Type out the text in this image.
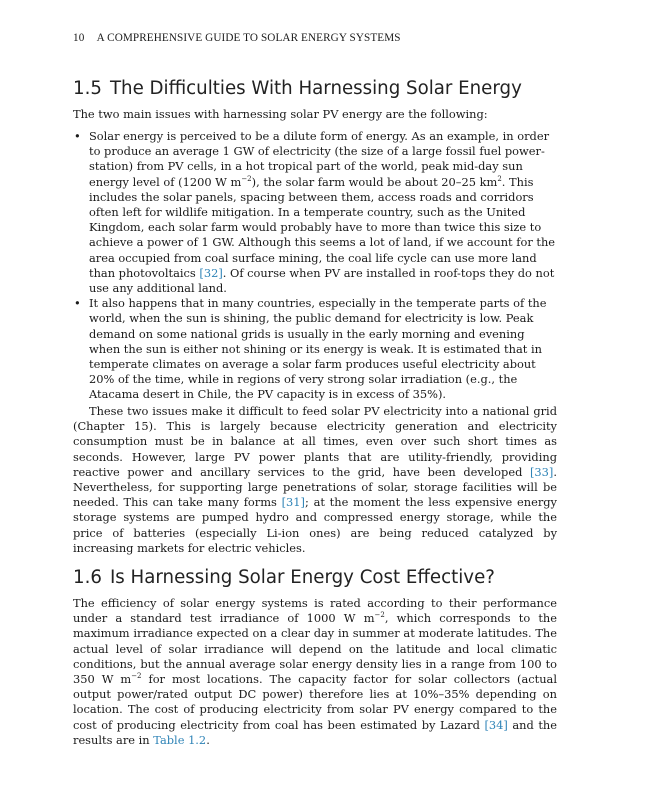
10 A COMPREHENSIVE GUIDE TO SOLAR ENERGY SYSTEMS
1.5 The Difficulties With Harnessing Solar Energy

The two main issues with harnessing solar PV energy are the following:

• Solar energy is perceived to be a dilute form of energy. As an example, in order to produce an average 1 GW of electricity (the size of a large fossil fuel power-station) from PV cells, in a hot tropical part of the world, peak mid-day sun energy level of (1200 W $m^{-2}$), the solar farm would be about 20–25 $km^2$. This includes the solar panels, spacing between them, access roads and corridors often left for wildlife mitigation. In a temperate country, such as the United Kingdom, each solar farm would probably have to more than twice this size to achieve a power of 1 GW. Although this seems a lot of land, if we account for the area occupied from coal surface mining, the coal life cycle can use more land than photovoltaics [32]. Of course when PV are installed in roof-tops they do not use any additional land.

• It also happens that in many countries, especially in the temperate parts of the world, when the sun is shining, the public demand for electricity is low. Peak demand on some national grids is usually in the early morning and evening when the sun is either not shining or its energy is weak. It is estimated that in temperate climates on average a solar farm produces useful electricity about 20% of the time, while in regions of very strong solar irradiation (e.g., the Atacama desert in Chile, the PV capacity is in excess of 35%).

These two issues make it difficult to feed solar PV electricity into a national grid (Chapter 15). This is largely because electricity generation and electricity consumption must be in balance at all times, even over such short times as seconds. However, large PV power plants that are utility-friendly, providing reactive power and ancillary services to the grid, have been developed [33]. Nevertheless, for supporting large penetrations of solar, storage facilities will be needed. This can take many forms [31]; at the moment the less expensive energy storage systems are pumped hydro and compressed energy storage, while the price of batteries (especially Li-ion ones) are being reduced catalyzed by increasing markets for electric vehicles.

1.6 Is Harnessing Solar Energy Cost Effective?

The efficiency of solar energy systems is rated according to their performance under a standard test irradiance of 1000 W $m^{-2}$, which corresponds to the maximum irradiance expected on a clear day in summer at moderate latitudes. The actual level of solar irradiance will depend on the latitude and local climatic conditions, but the annual average solar energy density lies in a range from 100 to 350 W $m^{-2}$ for most locations. The capacity factor for solar collectors (actual output power/rated output DC power) therefore lies at 10%–35% depending on location. The cost of producing electricity from solar PV energy compared to the cost of producing electricity from coal has been estimated by Lazard [34] and the results are in Table 1.2.
